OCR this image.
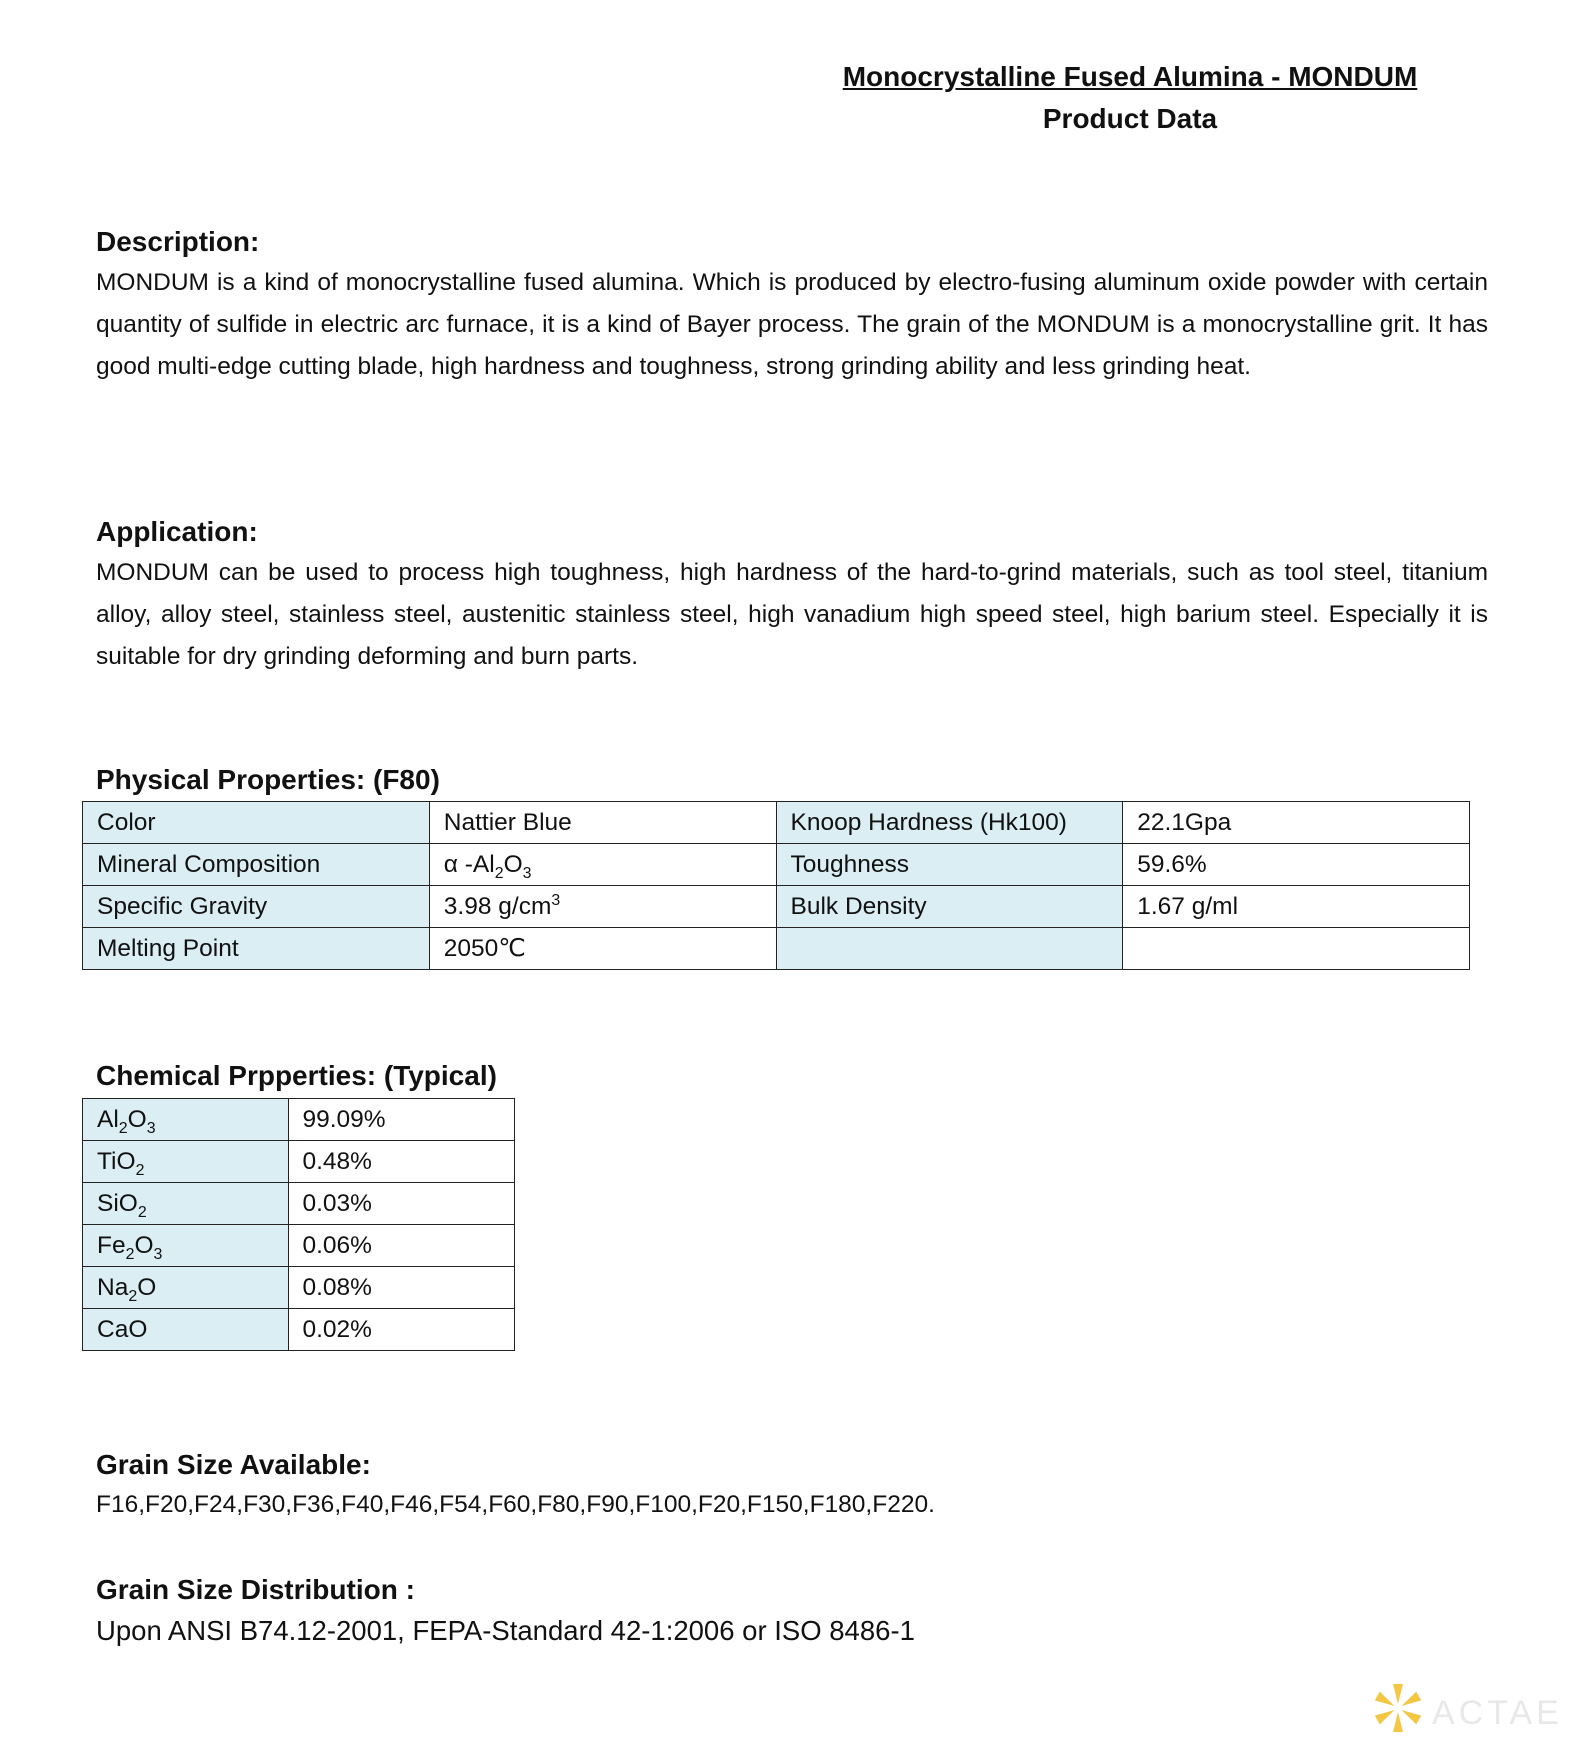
Monocrystalline Fused Alumina - MONDUM
Product Data

Description:

MONDUM is a kind of monocrystalline fused alumina. Which is produced by electro-fusing aluminum oxide powder with certain quantity of sulfide in electric arc furnace, it is a kind of Bayer process. The grain of the MONDUM is a monocrystalline grit. It has good multi-edge cutting blade, high hardness and toughness, strong grinding ability and less grinding heat.

Application:

MONDUM can be used to process high toughness, high hardness of the hard-to-grind materials, such as tool steel, titanium alloy, alloy steel, stainless steel, austenitic stainless steel, high vanadium high speed steel, high barium steel. Especially it is suitable for dry grinding deforming and burn parts.

Physical Properties: (F80)

Color	Nattier Blue	Knoop Hardness (Hk100)	22.1Gpa
Mineral Composition	α $-Al_2O_3$	Toughness	59.6%
Specific Gravity	3.98 $g/cm^3$	Bulk Density	1.67 g/ml
Melting Point	2050℃		

Chemical Prpperties: (Typical)

$Al_2O_3$	99.09%
TiO$_2$	0.48%
SiO$_2$	0.03%
$Fe_2O_3$	0.06%
$Na_2O$	0.08%
CaO	0.02%

Grain Size Available:

F16,F20,F24,F30,F36,F40,F46,F54,F60,F80,F90,F100,F20,F150,F180,F220.

Grain Size Distribution :

Upon ANSI B74.12-2001, FEPA-Standard 42-1:2006 or ISO 8486-1

ACTAE
